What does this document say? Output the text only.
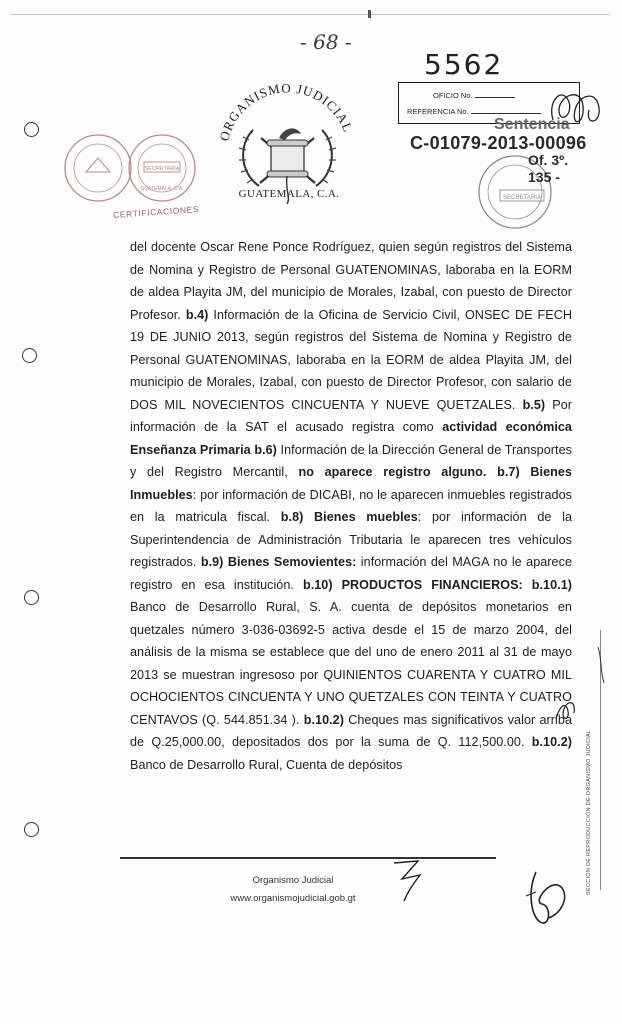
- 68 -
5562
SECRETARIA
GUATEMALA, C.A.
CERTIFICACIONES
ORGANISMO JUDICIAL
GUATEMALA, C.A.
OFICIO No.
REFERENCIA No.
Sentencia
C-01079-2013-00096
SECRETARIA
Of. 3º.
135 -
del docente Oscar Rene Ponce Rodríguez, quien según registros del Sistema de Nomina y Registro de Personal GUATENOMINAS, laboraba en la EORM de aldea Playita JM, del municipio de Morales, Izabal, con puesto de Director Profesor. b.4) Información de la Oficina de Servicio Civil, ONSEC DE FECH 19 DE JUNIO 2013, según registros del Sistema de Nomina y Registro de Personal GUATENOMINAS, laboraba en la EORM de aldea Playita JM, del municipio de Morales, Izabal, con puesto de Director Profesor, con salario de DOS MIL NOVECIENTOS CINCUENTA Y NUEVE QUETZALES. b.5) Por información de la SAT el acusado registra como actividad económica Enseñanza Primaria b.6) Información de la Dirección General de Transportes y del Registro Mercantil, no aparece registro alguno. b.7) Bienes Inmuebles: por información de DICABI, no le aparecen inmuebles registrados en la matricula fiscal. b.8) Bienes muebles: por información de la Superintendencia de Administración Tributaria le aparecen tres vehículos registrados. b.9) Bienes Semovientes: información del MAGA no le aparece registro en esa institución. b.10) PRODUCTOS FINANCIEROS: b.10.1) Banco de Desarrollo Rural, S. A. cuenta de depósitos monetarios en quetzales número 3-036-03692-5 activa desde el 15 de marzo 2004, del análisis de la misma se establece que del uno de enero 2011 al 31 de mayo 2013 se muestran ingresoso por QUINIENTOS CUARENTA Y CUATRO MIL OCHOCIENTOS CINCUENTA Y UNO QUETZALES CON TEINTA Y CUATRO CENTAVOS (Q. 544.851.34 ). b.10.2) Cheques mas significativos valor arriba de Q.25,000.00, depositados dos por la suma de Q. 112,500.00. b.10.2) Banco de Desarrollo Rural, Cuenta de depósitos	SECCIÓN DE REPRODUCCIÓN DE ORGANISMO JUDICIAL
Organismo Judicial
www.organismojudicial.gob.gt
